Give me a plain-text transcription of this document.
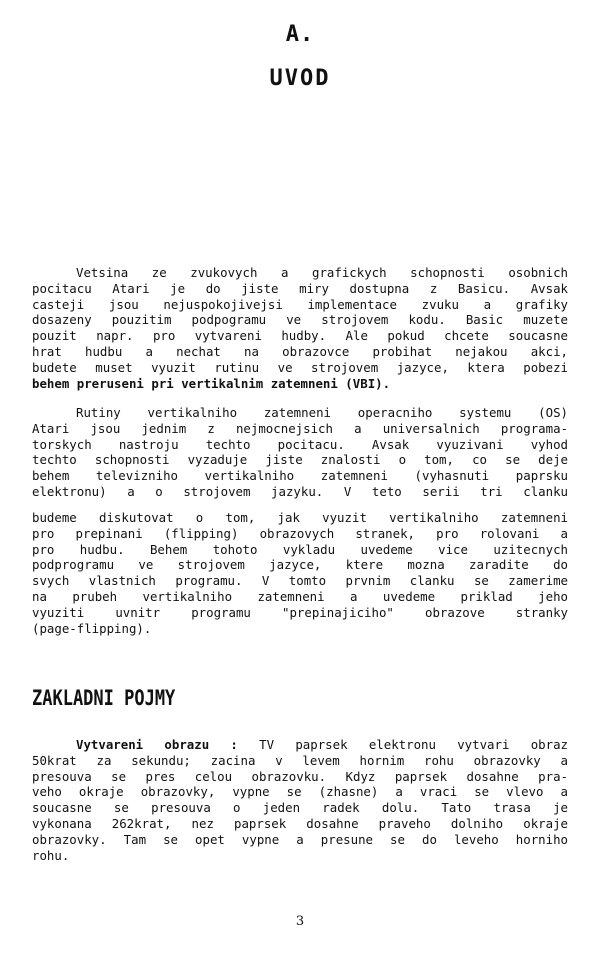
A.
UVOD
Vetsina ze zvukovych a grafickych schopnosti osobnich
pocitacu Atari je do jiste miry dostupna z Basicu. Avsak
casteji jsou nejuspokojivejsi implementace zvuku a grafiky
dosazeny pouzitim podpogramu ve strojovem kodu. Basic muzete
pouzit napr. pro vytvareni hudby. Ale pokud chcete soucasne
hrat hudbu a nechat na obrazovce probihat nejakou akci,
budete muset vyuzit rutinu ve strojovem jazyce, ktera pobezi
behem preruseni pri vertikalnim zatemneni (VBI).
Rutiny vertikalniho zatemneni operacniho systemu (OS)
Atari jsou jednim z nejmocnejsich a universalnich programa-
torskych nastroju techto pocitacu. Avsak vyuzivani vyhod
techto schopnosti vyzaduje jiste znalosti o tom, co se deje
behem televizniho vertikalniho zatemneni (vyhasnuti paprsku
elektronu) a o strojovem jazyku. V teto serii tri clanku
budeme diskutovat o tom, jak vyuzit vertikalniho zatemneni
pro prepinani (flipping) obrazovych stranek, pro rolovani a
pro hudbu. Behem tohoto vykladu uvedeme vice uzitecnych
podprogramu ve strojovem jazyce, ktere mozna zaradite do
svych vlastnich programu. V tomto prvnim clanku se zamerime
na prubeh vertikalniho zatemneni a uvedeme priklad jeho
vyuziti uvnitr programu "prepinajiciho" obrazove stranky
(page-flipping).
ZAKLADNI POJMY
Vytvareni obrazu : TV paprsek elektronu vytvari obraz
50krat za sekundu; zacina v levem hornim rohu obrazovky a
presouva se pres celou obrazovku. Kdyz paprsek dosahne pra-
veho okraje obrazovky, vypne se (zhasne) a vraci se vlevo a
soucasne se presouva o jeden radek dolu. Tato trasa je
vykonana 262krat, nez paprsek dosahne praveho dolniho okraje
obrazovky. Tam se opet vypne a presune se do leveho horniho
rohu.
3
